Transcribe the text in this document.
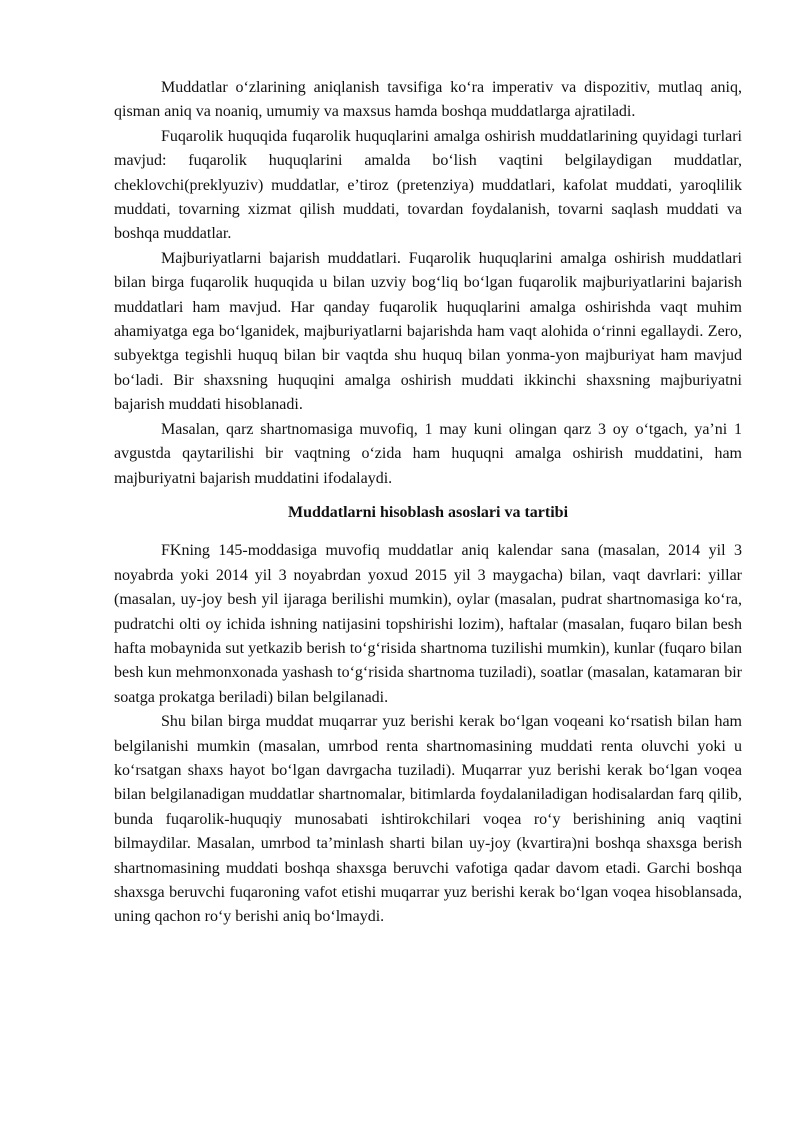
Muddatlar o‘zlarining aniqlanish tavsifiga ko‘ra imperativ va dispozitiv, mutlaq aniq, qisman aniq va noaniq, umumiy va maxsus hamda boshqa muddatlarga ajratiladi.

Fuqarolik huquqida fuqarolik huquqlarini amalga oshirish muddatlarining quyidagi turlari mavjud: fuqarolik huquqlarini amalda bo‘lish vaqtini belgilaydigan muddatlar, cheklovchi(preklyuziv) muddatlar, e’tiroz (pretenziya) muddatlari, kafolat muddati, yaroqlilik muddati, tovarning xizmat qilish muddati, tovardan foydalanish, tovarni saqlash muddati va boshqa muddatlar.

Majburiyatlarni bajarish muddatlari. Fuqarolik huquqlarini amalga oshirish muddatlari bilan birga fuqarolik huquqida u bilan uzviy bog‘liq bo‘lgan fuqarolik majburiyatlarini bajarish muddatlari ham mavjud. Har qanday fuqarolik huquqlarini amalga oshirishda vaqt muhim ahamiyatga ega bo‘lganidek, majburiyatlarni bajarishda ham vaqt alohida o‘rinni egallaydi. Zero, subyektga tegishli huquq bilan bir vaqtda shu huquq bilan yonma-yon majburiyat ham mavjud bo‘ladi. Bir shaxsning huquqini amalga oshirish muddati ikkinchi shaxsning majburiyatni bajarish muddati hisoblanadi.

Masalan, qarz shartnomasiga muvofiq, 1 may kuni olingan qarz 3 oy o‘tgach, ya’ni 1 avgustda qaytarilishi bir vaqtning o‘zida ham huquqni amalga oshirish muddatini, ham majburiyatni bajarish muddatini ifodalaydi.

Muddatlarni hisoblash asoslari va tartibi

FKning 145-moddasiga muvofiq muddatlar aniq kalendar sana (masalan, 2014 yil 3 noyabrda yoki 2014 yil 3 noyabrdan yoxud 2015 yil 3 maygacha) bilan, vaqt davrlari: yillar (masalan, uy-joy besh yil ijaraga berilishi mumkin), oylar (masalan, pudrat shartnomasiga ko‘ra, pudratchi olti oy ichida ishning natijasini topshirishi lozim), haftalar (masalan, fuqaro bilan besh hafta mobaynida sut yetkazib berish to‘g‘risida shartnoma tuzilishi mumkin), kunlar (fuqaro bilan besh kun mehmonxonada yashash to‘g‘risida shartnoma tuziladi), soatlar (masalan, katamaran bir soatga prokatga beriladi) bilan belgilanadi.

Shu bilan birga muddat muqarrar yuz berishi kerak bo‘lgan voqeani ko‘rsatish bilan ham belgilanishi mumkin (masalan, umrbod renta shartnomasining muddati renta oluvchi yoki u ko‘rsatgan shaxs hayot bo‘lgan davrgacha tuziladi). Muqarrar yuz berishi kerak bo‘lgan voqea bilan belgilanadigan muddatlar shartnomalar, bitimlarda foydalaniladigan hodisalardan farq qilib, bunda fuqarolik-huquqiy munosabati ishtirokchilari voqea ro‘y berishining aniq vaqtini bilmaydilar. Masalan, umrbod ta’minlash sharti bilan uy-joy (kvartira)ni boshqa shaxsga berish shartnomasining muddati boshqa shaxsga beruvchi vafotiga qadar davom etadi. Garchi boshqa shaxsga beruvchi fuqaroning vafot etishi muqarrar yuz berishi kerak bo‘lgan voqea hisoblansada, uning qachon ro‘y berishi aniq bo‘lmaydi.
